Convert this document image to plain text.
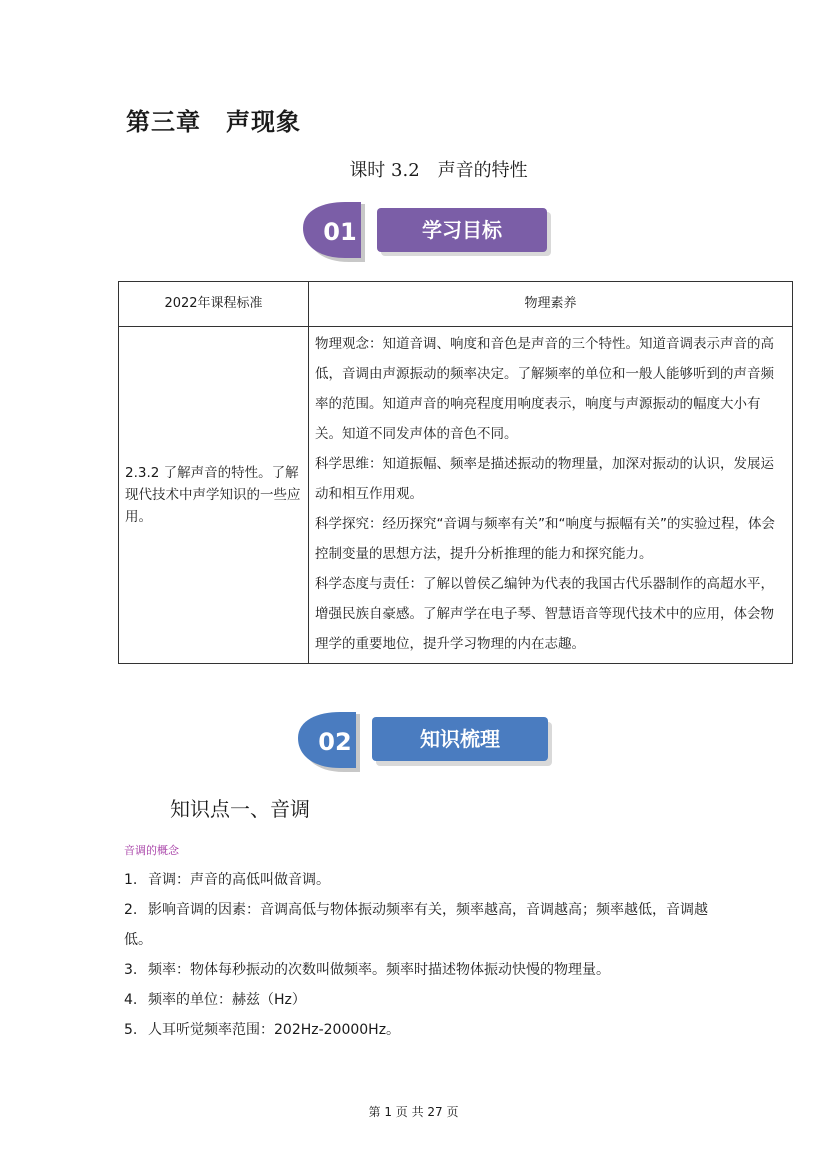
第三章　声现象
课时 3.2　声音的特性
01	学习目标
2022年课程标准	物理素养
2.3.2 了解声音的特性。了解现代技术中声学知识的一些应用。	物理观念：知道音调、响度和音色是声音的三个特性。知道音调表示声音的高低，音调由声源振动的频率决定。了解频率的单位和一般人能够听到的声音频率的范围。知道声音的响亮程度用响度表示，响度与声源振动的幅度大小有关。知道不同发声体的音色不同。

科学思维：知道振幅、频率是描述振动的物理量，加深对振动的认识，发展运动和相互作用观。

科学探究：经历探究“音调与频率有关”和“响度与振幅有关”的实验过程，体会控制变量的思想方法，提升分析推理的能力和探究能力。

科学态度与责任：了解以曾侯乙编钟为代表的我国古代乐器制作的高超水平，增强民族自豪感。了解声学在电子琴、智慧语音等现代技术中的应用，体会物理学的重要地位，提升学习物理的内在志趣。

02	知识梳理
知识点一、音调
音调的概念
1. 音调：声音的高低叫做音调。
2. 影响音调的因素：音调高低与物体振动频率有关，频率越高，音调越高；频率越低，音调越低。
3. 频率：物体每秒振动的次数叫做频率。频率时描述物体振动快慢的物理量。
4. 频率的单位：赫兹（Hz）
5. 人耳听觉频率范围：202Hz-20000Hz。
第 1 页 共 27 页
